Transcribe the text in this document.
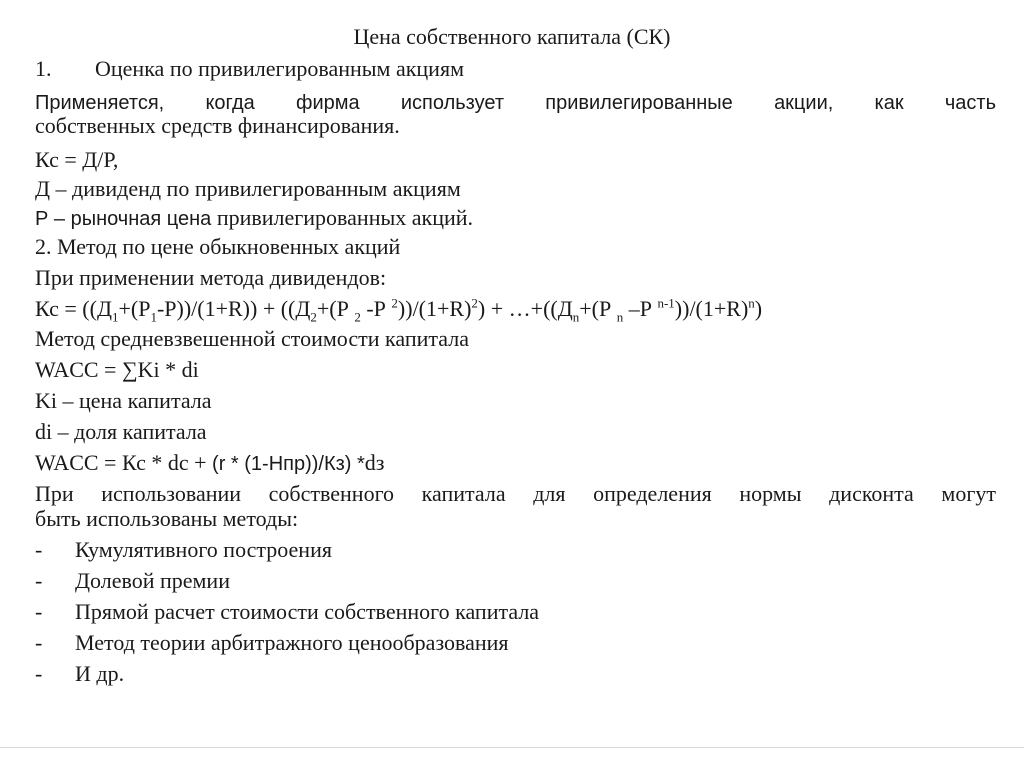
Цена собственного капитала (СК)
1. Оценка по привилегированным акциям
Применяется, когда фирма использует привилегированные акции, как часть
собственных средств финансирования.
Кс = Д/Р,
Д – дивиденд по привилегированным акциям
Р – рыночная цена привилегированных акций.
2. Метод по цене обыкновенных акций
При применении метода дивидендов:
Кс = $((Д_1+(Р_1-Р))/(1+R)) + ((Д_2+(Р$ $_2$ -Р $^2))/(1+R)^2$) + $\dots+((Д_n+(Р$ $_n$ –Р $^{n-1}))/(1+R)^n$)
Метод средневзвешенной стоимости капитала
WACC = ∑Ki * di
Ki – цена капитала
di – доля капитала
WACC = Кс * dс + (r * (1-Нпр))/Кз) *dз
При использовании собственного капитала для определения нормы дисконта могут
быть использованы методы:
- Кумулятивного построения
- Долевой премии
- Прямой расчет стоимости собственного капитала
- Метод теории арбитражного ценообразования
- И др.
